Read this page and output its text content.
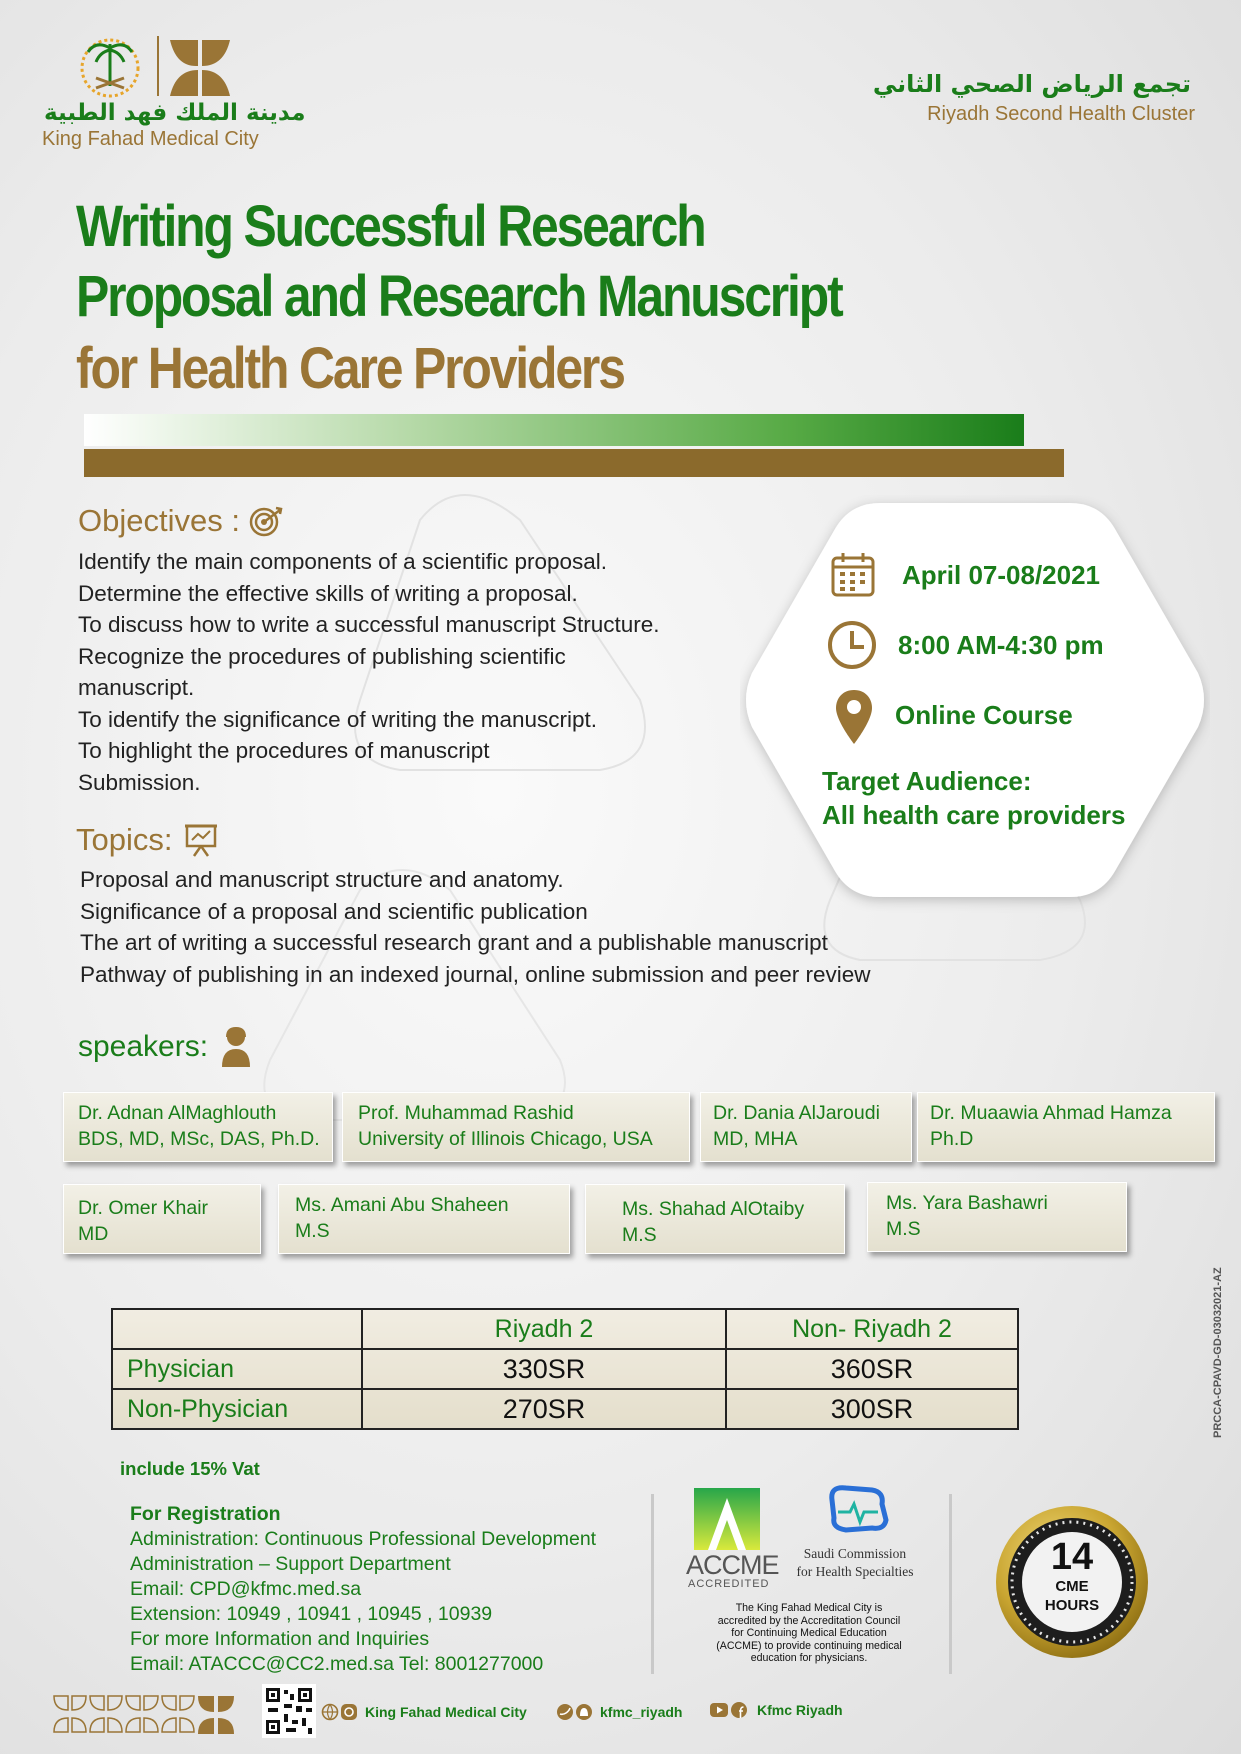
مدينة الملك فهد الطبية
King Fahad Medical City
تجمع الرياض الصحي الثاني
Riyadh Second Health Cluster
Writing Successful Research
Proposal and Research Manuscript
for Health Care Providers
Objectives :
Identify the main components of a scientific proposal.
Determine the effective skills of writing a proposal.
To discuss how to write a successful manuscript Structure.
Recognize the procedures of publishing scientific
manuscript.
To identify the significance of writing the manuscript.
To highlight the procedures of manuscript
Submission.
April 07-08/2021
8:00 AM-4:30 pm
Online Course
Target Audience:
All health care providers
Topics:
Proposal and manuscript structure and anatomy.
Significance of a proposal and scientific publication
The art of writing a successful research grant and a publishable manuscript
Pathway of publishing in an indexed journal, online submission and peer review
speakers:
Dr. Adnan AlMaghlouth
BDS, MD, MSc, DAS, Ph.D.
Prof. Muhammad Rashid
University of Illinois Chicago, USA
Dr. Dania AlJaroudi
MD, MHA
Dr. Muaawia Ahmad Hamza
Ph.D
Dr. Omer Khair
MD
Ms. Amani Abu Shaheen
M.S
Ms. Shahad AlOtaiby
M.S
Ms. Yara Bashawri
M.S
	Riyadh 2	Non- Riyadh 2
Physician	330SR	360SR
Non-Physician	270SR	300SR
include 15% Vat
PRCCA-CPAVD-GD-03032021-AZ
For Registration
Administration: Continuous Professional Development
Administration – Support Department
Email: CPD@kfmc.med.sa
Extension: 10949 , 10941 , 10945 , 10939
For more Information and Inquiries
Email: ATACCC@CC2.med.sa Tel: 8001277000
ACCME
ACCREDITED
Saudi Commission
for Health Specialties
The King Fahad Medical City is
accredited by the Accreditation Council
for Continuing Medical Education
(ACCME) to provide continuing medical
education for physicians.
14
CME
HOURS
King Fahad Medical City	kfmc_riyadh	Kfmc Riyadh
